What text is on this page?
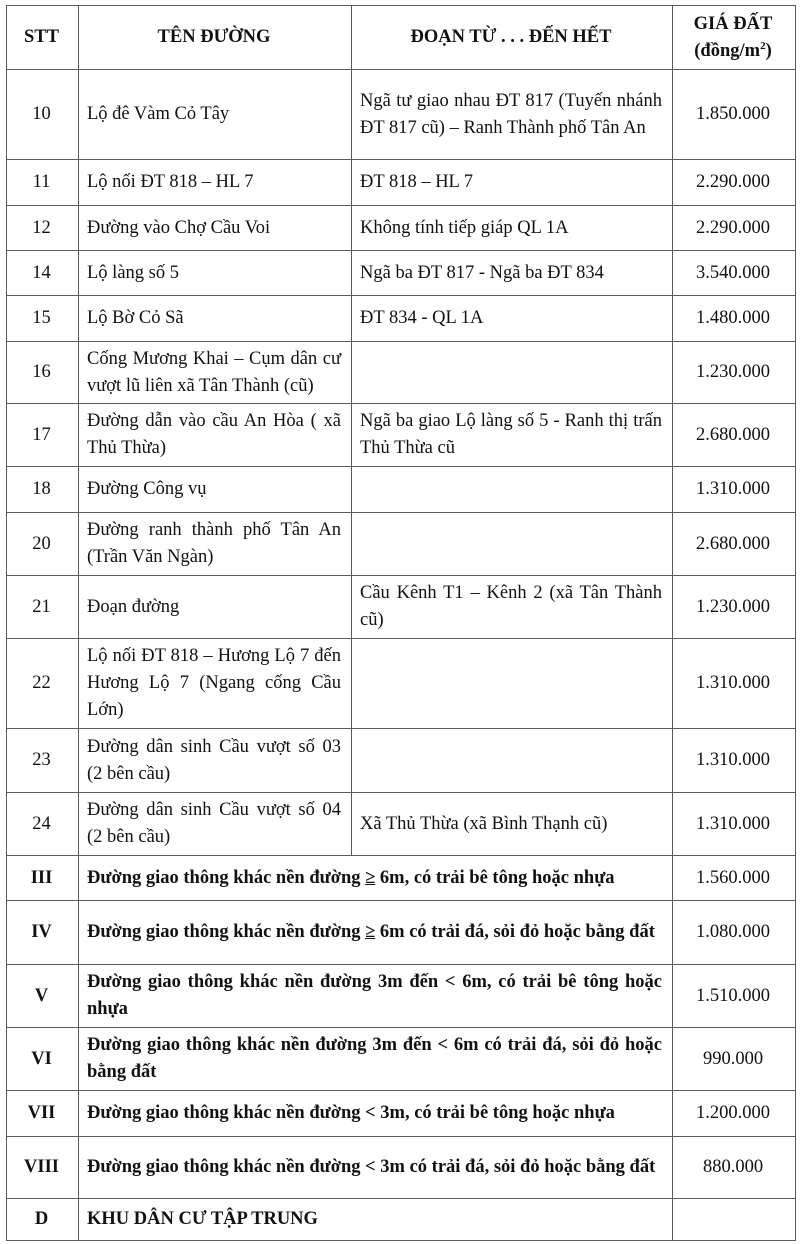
STT	TÊN ĐƯỜNG	ĐOẠN TỪ . . . ĐẾN HẾT	GIÁ ĐẤT
$(đồng/m^2)$
10	Lộ đê Vàm Cỏ Tây	Ngã tư giao nhau ĐT 817 (Tuyến nhánh ĐT 817 cũ) – Ranh Thành phố Tân An	1.850.000
11	Lộ nối ĐT 818 – HL 7	ĐT 818 – HL 7	2.290.000
12	Đường vào Chợ Cầu Voi	Không tính tiếp giáp QL 1A	2.290.000
14	Lộ làng số 5	Ngã ba ĐT 817 - Ngã ba ĐT 834	3.540.000
15	Lộ Bờ Cỏ Sã	ĐT 834 - QL 1A	1.480.000
16	Cống Mương Khai – Cụm dân cư vượt lũ liên xã Tân Thành (cũ)		1.230.000
17	Đường dẫn vào cầu An Hòa ( xã Thủ Thừa)	Ngã ba giao Lộ làng số 5 - Ranh thị trấn Thủ Thừa cũ	2.680.000
18	Đường Công vụ		1.310.000
20	Đường ranh thành phố Tân An (Trần Văn Ngàn)		2.680.000
21	Đoạn đường	Cầu Kênh T1 – Kênh 2 (xã Tân Thành cũ)	1.230.000
22	Lộ nối ĐT 818 – Hương Lộ 7 đến Hương Lộ 7 (Ngang cống Cầu Lớn)		1.310.000
23	Đường dân sinh Cầu vượt số 03 (2 bên cầu)		1.310.000
24	Đường dân sinh Cầu vượt số 04 (2 bên cầu)	Xã Thủ Thừa (xã Bình Thạnh cũ)	1.310.000
III	Đường giao thông khác nền đường ≥ 6m, có trải bê tông hoặc nhựa		1.560.000
IV	Đường giao thông khác nền đường ≥ 6m có trải đá, sỏi đỏ hoặc bằng đất		1.080.000
V	Đường giao thông khác nền đường 3m đến < 6m, có trải bê tông hoặc nhựa		1.510.000
VI	Đường giao thông khác nền đường 3m đến < 6m có trải đá, sỏi đỏ hoặc bằng đất		990.000
VII	Đường giao thông khác nền đường < 3m, có trải bê tông hoặc nhựa		1.200.000
VIII	Đường giao thông khác nền đường < 3m có trải đá, sỏi đỏ hoặc bằng đất		880.000
D	KHU DÂN CƯ TẬP TRUNG		
